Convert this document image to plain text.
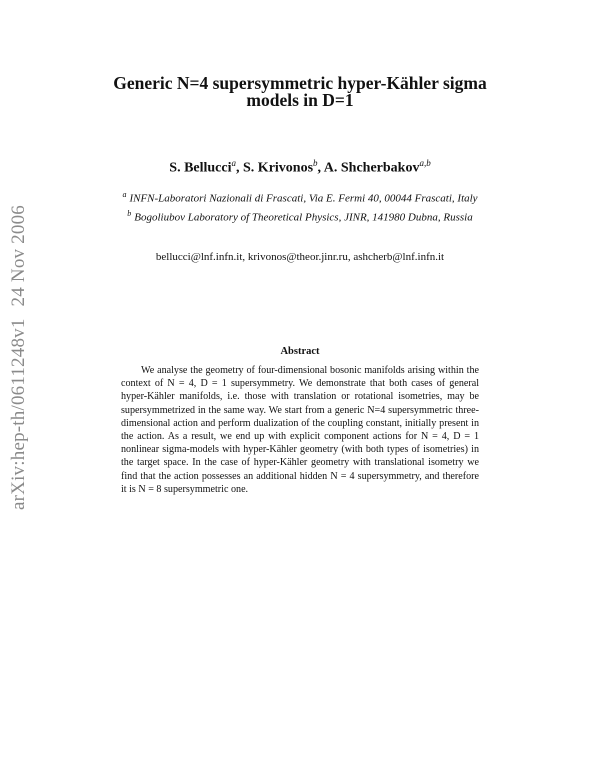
arXiv:hep-th/0611248v124 Nov 2006
Generic N=4 supersymmetric hyper-Kähler sigma
models in D=1
S. Bellucci$^a$, S. Krivonos$^b$, A. Shcherbakov$^{a,b}$
$^a$ INFN-Laboratori Nazionali di Frascati, Via E. Fermi 40, 00044 Frascati, Italy
$^b$ Bogoliubov Laboratory of Theoretical Physics, JINR, 141980 Dubna, Russia
bellucci@lnf.infn.it, krivonos@theor.jinr.ru, ashcherb@lnf.infn.it
Abstract
We analyse the geometry of four-dimensional bosonic manifolds arising within the context of N = 4, D = 1 supersymmetry. We demonstrate that both cases of general hyper-Kähler manifolds, i.e. those with translation or rotational isometries, may be supersymmetrized in the same way. We start from a generic N=4 supersymmetric three-dimensional action and perform dualization of the coupling constant, initially present in the action. As a result, we end up with explicit component actions for N = 4, D = 1 nonlinear sigma-models with hyper-Kähler geometry (with both types of isometries) in the target space. In the case of hyper-Kähler geometry with translational isometry we find that the action possesses an additional hidden N = 4 supersymmetry, and therefore it is N = 8 supersymmetric one.
